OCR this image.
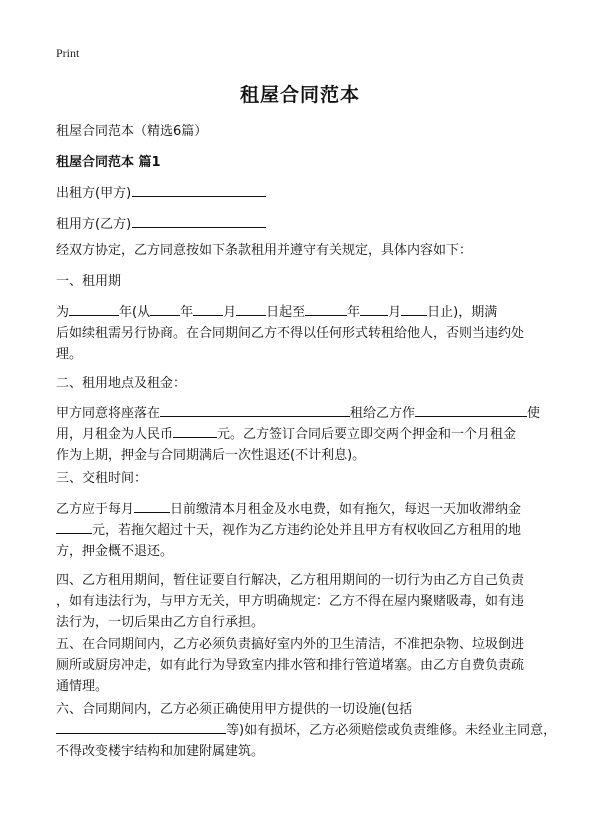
Print
租屋合同范本
租屋合同范本（精选6篇）
租屋合同范本 篇1
出租方(甲方)
租用方(乙方)
经双方协定，乙方同意按如下条款租用并遵守有关规定，具体内容如下：
一、租用期
为	年(从 年 月 日起至	年 月 日止)，期满
后如续租需另行协商。在合同期间乙方不得以任何形式转租给他人，否则当违约处
理。
二、租用地点及租金：
甲方同意将座落在	租给乙方作	使
用，月租金为人民币	元。乙方签订合同后要立即交两个押金和一个月租金
作为上期，押金与合同期满后一次性退还(不计利息)。
三、交租时间：
乙方应于每月	日前缴清本月租金及水电费，如有拖欠，每迟一天加收滞纳金
元，若拖欠超过十天，视作为乙方违约论处并且甲方有权收回乙方租用的地
方，押金概不退还。
四、乙方租用期间，暂住证要自行解决，乙方租用期间的一切行为由乙方自己负责
，如有违法行为，与甲方无关，甲方明确规定：乙方不得在屋内聚赌吸毒，如有违
法行为，一切后果由乙方自行承担。
五、在合同期间内，乙方必须负责搞好室内外的卫生清洁，不准把杂物、垃圾倒进
厕所或厨房冲走，如有此行为导致室内排水管和排行管道堵塞。由乙方自费负责疏
通情理。
六、合同期间内，乙方必须正确使用甲方提供的一切设施(包括
等)如有损坏，乙方必须赔偿或负责维修。未经业主同意，
不得改变楼宇结构和加建附属建筑。
